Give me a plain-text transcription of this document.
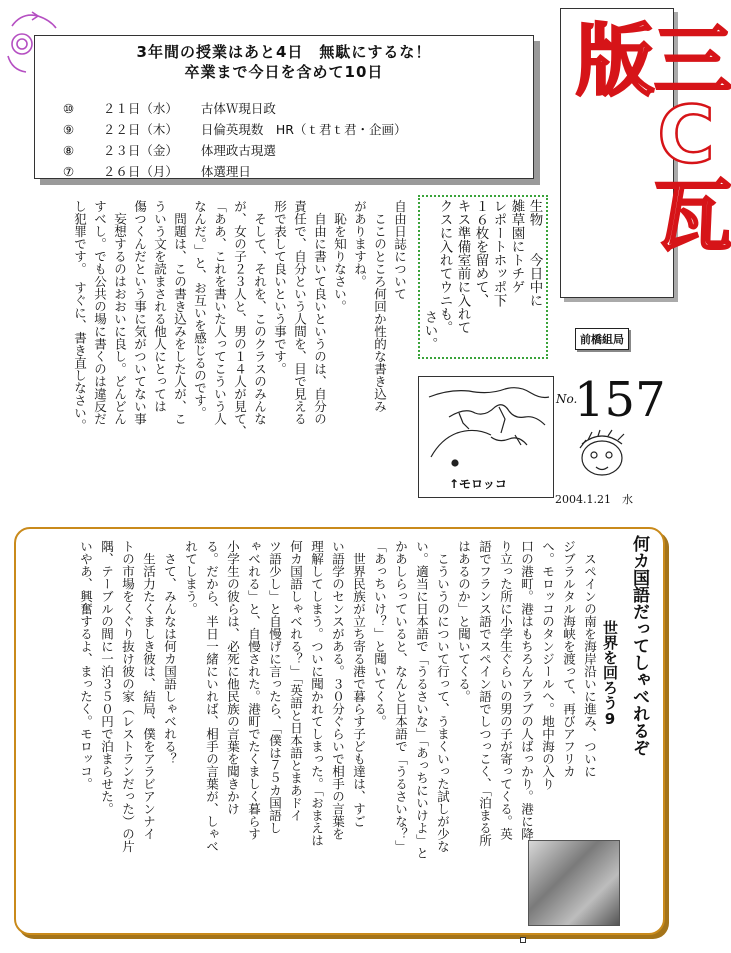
3年間の授業はあと4日　無駄にするな！
卒業まで今日を含めて10日

⑩ ２１日（水） 古体Ｗ現日政

⑨ ２２日（木） 日倫英現数　HR（ｔ君ｔ君・企画）

⑧ ２３日（金） 体理政古現選

⑦ ２６日（月） 体選理日
	三C瓦版
前橋組局
No.
157
2004.1.21　水
生物　　今日中に
雑草園にトチゲ
レポートホッポ下
１６枚を留めて、
キス準備室前に入れて
クスに入れてウニも。
さい。
↑モロッコ
自由日誌について
　ここのところ何回か性的な書き込み
がありますね。
　恥を知りなさい。
　自由に書いて良いというのは、自分の
責任で、自分という人間を、目で見える
形で表して良いという事です。
　そして、それを、このクラスのみんな
が、女の子２３人と、男の１４人が見て、
「ああ、これを書いた人ってこういう人
なんだ。」と、お互いを感じるのです。
　問題は、この書き込みをした人が、こ
ういう文を読まされる他人にとっては
傷つくんだという事に気がついてない事
　妄想するのはおおいに良し。どんどん
すべし。でも公共の場に書くのは違反だ
し犯罪です。　すぐに、書き直しなさい。
何カ国語だってしゃべれるぞ
世界を回ろう9
　スペインの南を海岸沿いに進み、ついに
ジブラルタル海峡を渡って、再びアフリカ
へ。モロッコのタンジールへ。地中海の入り
口の港町。港はもちろんアラブの人ばっかり。港に降
り立った所に小学生ぐらいの男の子が寄ってくる。英
語でフランス語でスペイン語でしつっこく、「泊まる所
はあるのか」と聞いてくる。
　こういうのについて行って、うまくいった試しが少な
い。適当に日本語で「うるさいな」「あっちにいけよ」と
かあしらっていると、なんと日本語で「うるさいな？」
「あっちいけ？」と聞いてくる。
　世界民族が立ち寄る港で暮らす子ども達は、すご
い語学のセンスがある。３０分ぐらいで相手の言葉を
理解してしまう。ついに聞かれてしまった。「おまえは
何カ国語しゃべれる？」「英語と日本語とまあドイ
ツ語少し」と自慢げに言ったら、「僕は７５カ国語し
ゃべれる」と、自慢された。港町でたくましく暮らす
小学生の彼らは、必死に他民族の言葉を聞きかけ
る。だから、半日一緒にいれば、相手の言葉が、しゃべ
れてしまう。
　さて、みんなは何カ国語しゃべれる？
　生活力たくましき彼は、結局、僕をアラビアンナイ
トの市場をくぐり抜け彼の家（レストランだった）の片
隅、テーブルの間に一泊３５０円で泊まらせた。
いやあ、興奮するよ、まったく。モロッコ。
